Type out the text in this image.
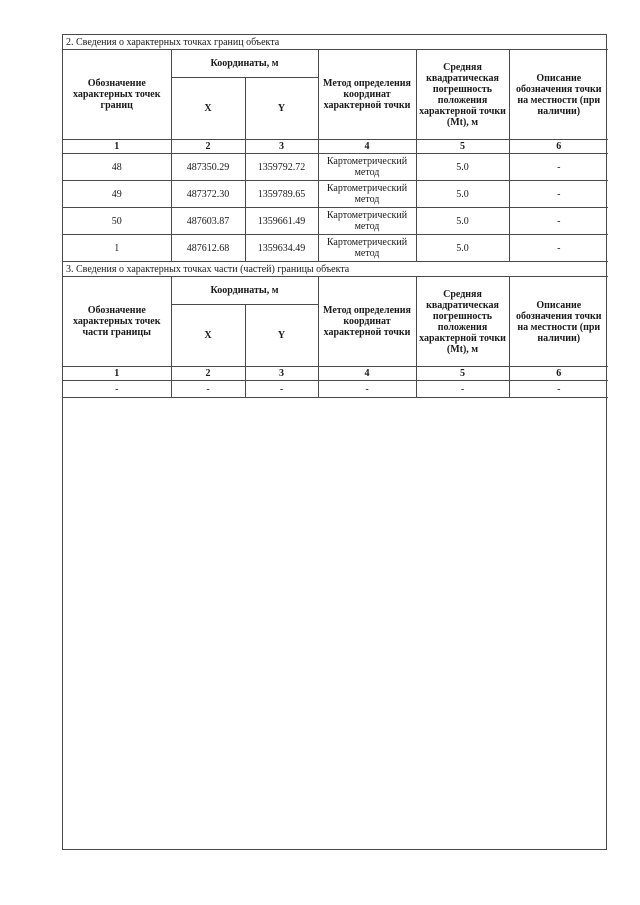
2. Сведения о характерных точках границ объекта					
Обозначение характерных точек границ	Координаты, м		Метод определения координат характерной точки	Средняя квадратическая погрешность положения характерной точки (Mt), м	Описание обозначения точки на местности (при наличии)
	X	Y			
1	2	3	4	5	6
48	487350.29	1359792.72	Картометрический метод	5.0	-
49	487372.30	1359789.65	Картометрический метод	5.0	-
50	487603.87	1359661.49	Картометрический метод	5.0	-
1	487612.68	1359634.49	Картометрический метод	5.0	-
3. Сведения о характерных точках части (частей) границы объекта					
Обозначение характерных точек части границы	Координаты, м		Метод определения координат характерной точки	Средняя квадратическая погрешность положения характерной точки (Mt), м	Описание обозначения точки на местности (при наличии)
	X	Y			
1	2	3	4	5	6
-	-	-	-	-	-
